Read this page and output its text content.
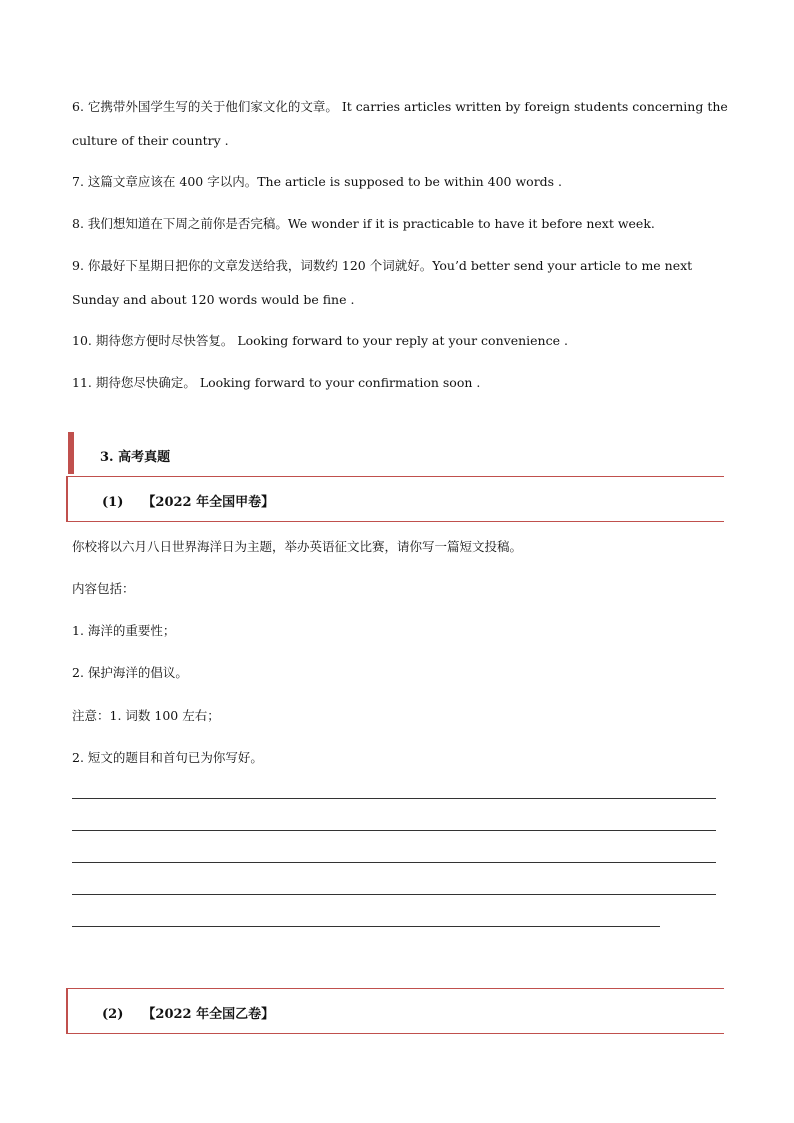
6. 它携带外国学生写的关于他们家文化的文章。 It carries articles written by foreign students concerning the
culture of their country .
7. 这篇文章应该在 400 字以内。The article is supposed to be within 400 words .
8. 我们想知道在下周之前你是否完稿。We wonder if it is practicable to have it before next week.
9. 你最好下星期日把你的文章发送给我，词数约 120 个词就好。You’d better send your article to me next
Sunday and about 120 words would be fine .
10. 期待您方便时尽快答复。 Looking forward to your reply at your convenience .
11. 期待您尽快确定。 Looking forward to your confirmation soon .
3. 高考真题
(1) 【2022 年全国甲卷】
你校将以六月八日世界海洋日为主题，举办英语征文比赛，请你写一篇短文投稿。
内容包括：
1. 海洋的重要性；
2. 保护海洋的倡议。
注意：1. 词数 100 左右；
2. 短文的题目和首句已为你写好。
(2) 【2022 年全国乙卷】
